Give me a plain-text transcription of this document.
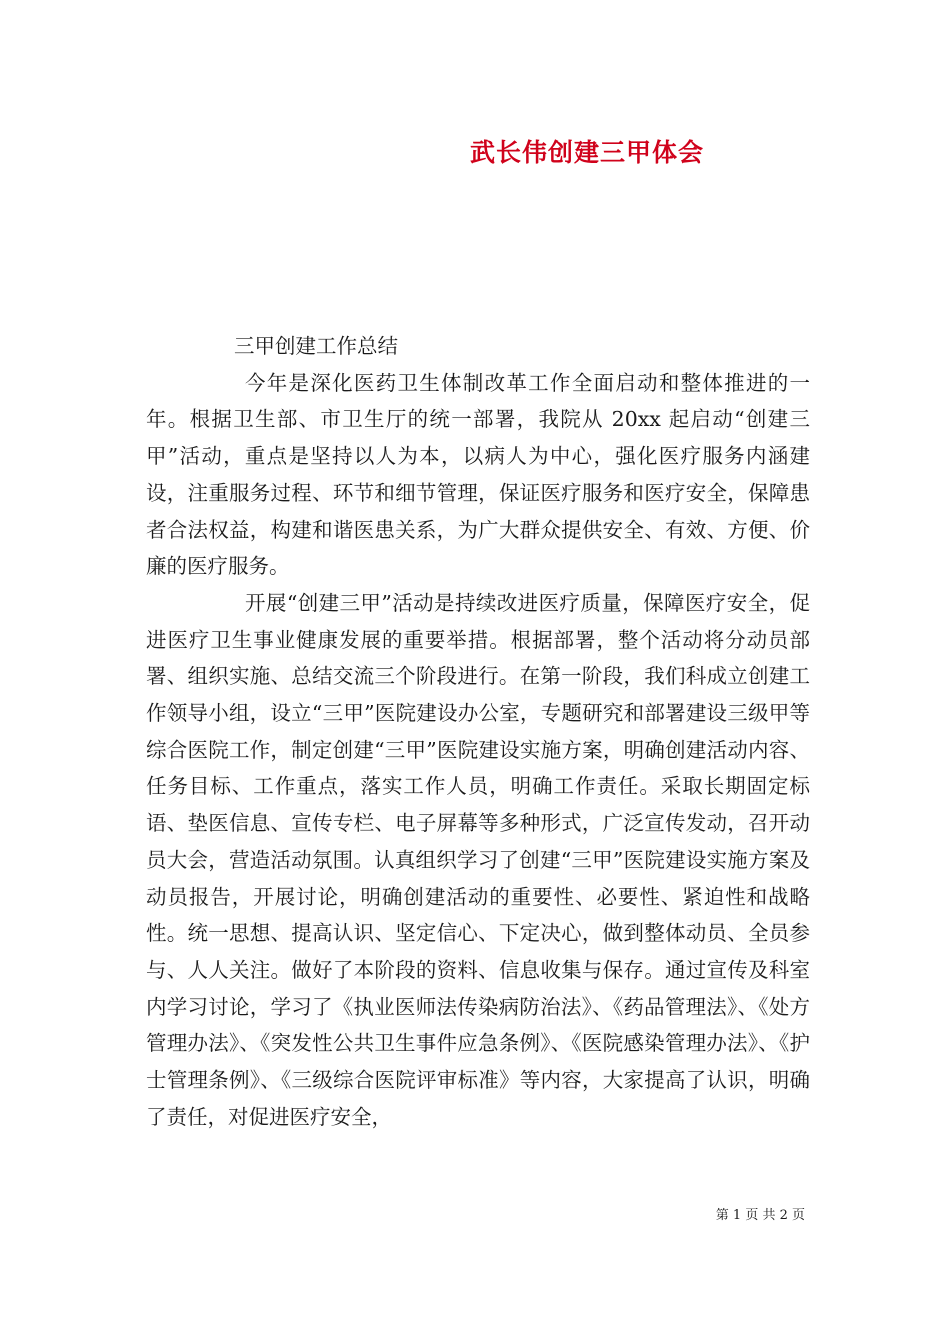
武长伟创建三甲体会

三甲创建工作总结

今年是深化医药卫生体制改革工作全面启动和整体推进的一年。根据卫生部、市卫生厅的统一部署，我院从 20xx 起启动“创建三甲”活动，重点是坚持以人为本，以病人为中心，强化医疗服务内涵建设，注重服务过程、环节和细节管理，保证医疗服务和医疗安全，保障患者合法权益，构建和谐医患关系，为广大群众提供安全、有效、方便、价廉的医疗服务。

开展“创建三甲”活动是持续改进医疗质量，保障医疗安全，促进医疗卫生事业健康发展的重要举措。根据部署，整个活动将分动员部署、组织实施、总结交流三个阶段进行。在第一阶段，我们科成立创建工作领导小组，设立“三甲”医院建设办公室，专题研究和部署建设三级甲等综合医院工作，制定创建“三甲”医院建设实施方案，明确创建活动内容、任务目标、工作重点，落实工作人员，明确工作责任。采取长期固定标语、垫医信息、宣传专栏、电子屏幕等多种形式，广泛宣传发动，召开动员大会，营造活动氛围。认真组织学习了创建“三甲”医院建设实施方案及动员报告，开展讨论，明确创建活动的重要性、必要性、紧迫性和战略性。统一思想、提高认识、坚定信心、下定决心，做到整体动员、全员参与、人人关注。做好了本阶段的资料、信息收集与保存。通过宣传及科室内学习讨论，学习了《执业医师法传染病防治法》、《药品管理法》、《处方管理办法》、《突发性公共卫生事件应急条例》、《医院感染管理办法》、《护士管理条例》、《三级综合医院评审标准》等内容，大家提高了认识，明确了责任，对促进医疗安全，

第 1 页 共 2 页
